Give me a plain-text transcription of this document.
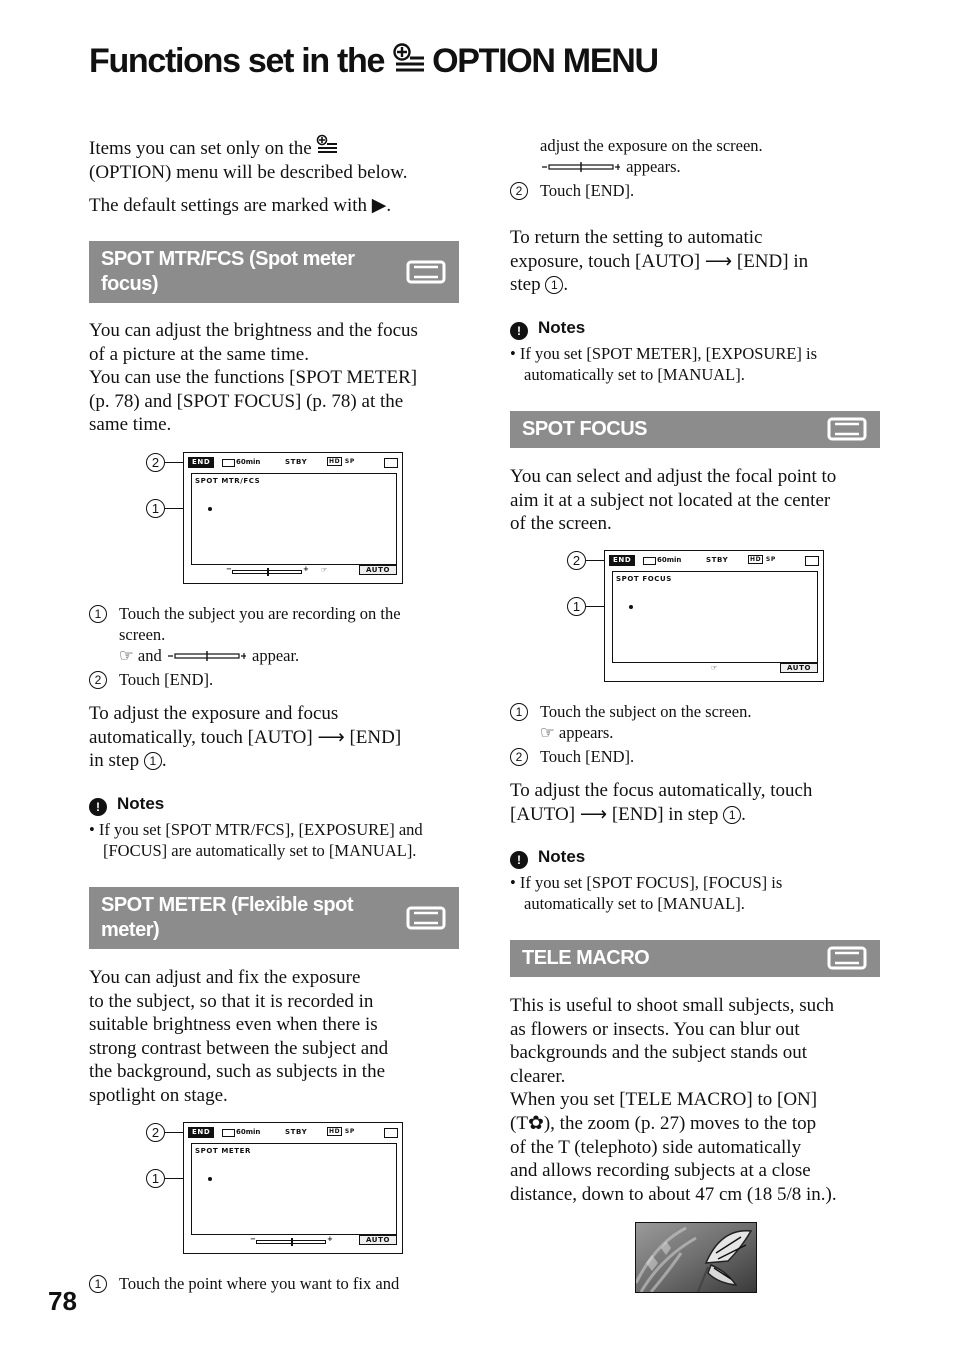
Functions set in the OPTION MENU
Items you can set only on the
(OPTION) menu will be described below.
The default settings are marked with ▶.
SPOT MTR/FCS (Spot meter
focus)
You can adjust the brightness and the focus
of a picture at the same time.
You can use the functions [SPOT METER]
(p. 78) and [SPOT FOCUS] (p. 78) at the
same time.
2
1
END	60min	STBY	HD SP
SPOT MTR/FCS
−	+ ☞	AUTO
1	Touch the subject you are recording on the
screen.
☞ and	appear.
2	Touch [END].
To adjust the exposure and focus
automatically, touch [AUTO] ⟶ [END]
in step 1 .
! Notes
• If you set [SPOT MTR/FCS], [EXPOSURE] and
[FOCUS] are automatically set to [MANUAL].
SPOT METER (Flexible spot
meter)
You can adjust and fix the exposure
to the subject, so that it is recorded in
suitable brightness even when there is
strong contrast between the subject and
the background, such as subjects in the
spotlight on stage.
2
1
END	60min	STBY	HD SP
SPOT METER
−	+	AUTO
1	Touch the point where you want to fix and
78
adjust the exposure on the screen.
appears.
2	Touch [END].
To return the setting to automatic
exposure, touch [AUTO] ⟶ [END] in
step 1 .
! Notes
• If you set [SPOT METER], [EXPOSURE] is
automatically set to [MANUAL].
SPOT FOCUS
You can select and adjust the focal point to
aim it at a subject not located at the center
of the screen.
2
1
END	60min	STBY	HD SP
SPOT FOCUS
☞	AUTO
1	Touch the subject on the screen.
☞ appears.
2	Touch [END].
To adjust the focus automatically, touch
[AUTO] ⟶ [END] in step 1 .
! Notes
• If you set [SPOT FOCUS], [FOCUS] is
automatically set to [MANUAL].
TELE MACRO
This is useful to shoot small subjects, such
as flowers or insects. You can blur out
backgrounds and the subject stands out
clearer.
When you set [TELE MACRO] to [ON]
(T✿), the zoom (p. 27) moves to the top
of the T (telephoto) side automatically
and allows recording subjects at a close
distance, down to about 47 cm (18 5/8 in.).
